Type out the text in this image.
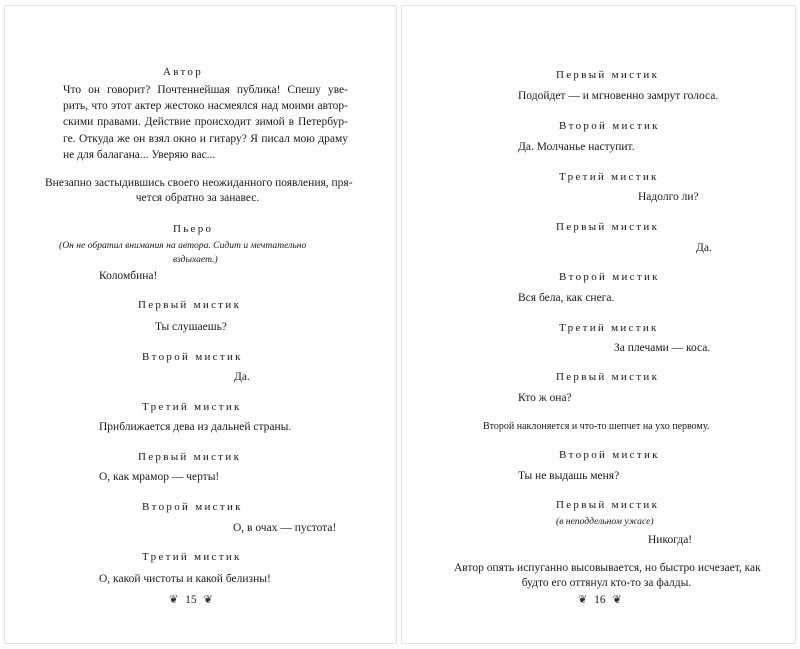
Автор
Что он говорит? Почтеннейшая публика! Спешу уве-
рить, что этот актер жестоко насмеялся над моими автор-
скими правами. Действие происходит зимой в Петербур-
ге. Откуда же он взял окно и гитару? Я писал мою драму
не для балагана... Уверяю вас...
Внезапно застыдившись своего неожиданного появления, пря-
чется обратно за занавес.
Пьеро
(Он не обратил внимания на автора. Сидит и мечтательно
вздыхает.)
Коломбина!
Первый мистик
Ты слушаешь?
Второй мистик
Да.
Третий мистик
Приближается дева из дальней страны.
Первый мистик
О, как мрамор — черты!
Второй мистик
О, в очах — пустота!
Третий мистик
О, какой чистоты и какой белизны!
❦ 15 ❦
Первый мистик
Подойдет — и мгновенно замрут голоса.
Второй мистик
Да. Молчанье наступит.
Третий мистик
Надолго ли?
Первый мистик
Да.
Второй мистик
Вся бела, как снега.
Третий мистик
За плечами — коса.
Первый мистик
Кто ж она?
Второй наклоняется и что-то шепчет на ухо первому.
Второй мистик
Ты не выдашь меня?
Первый мистик
(в неподдельном ужасе)
Никогда!
Автор опять испуганно высовывается, но быстро исчезает, как
будто его оттянул кто-то за фалды.
❦ 16 ❦
